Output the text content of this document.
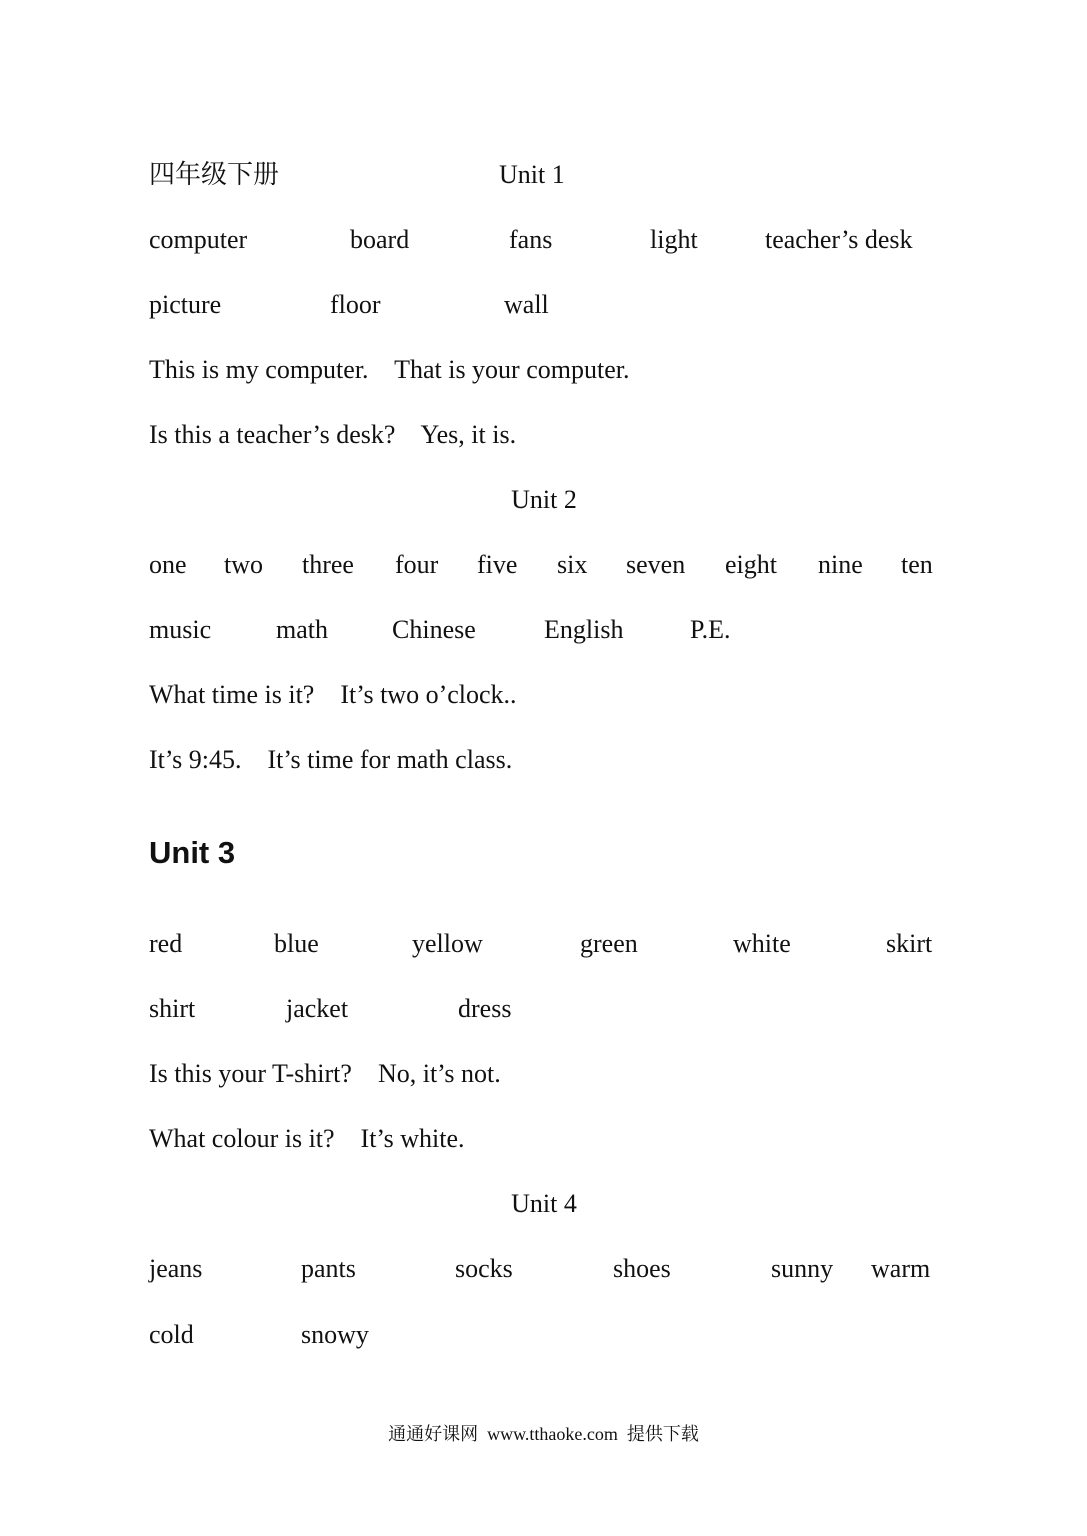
四年级下册	Unit 1
computer	board	fans	light	teacher’s desk
picture	floor	wall
This is my computer.    That is your computer.
Is this a teacher’s desk?    Yes, it is.
Unit 2
one two three four five six seven eight nine ten
music math Chinese	English	P.E.
What time is it?    It’s two o’clock..
It’s 9:45.    It’s time for math class.
Unit 3
red	blue	yellow	green	white	skirt
shirt	jacket	dress
Is this your T-shirt?    No, it’s not.
What colour is it?    It’s white.
Unit 4
jeans	pants	socks	shoes	sunny warm
cold	snowy
通通好课网  www.tthaoke.com  提供下载
